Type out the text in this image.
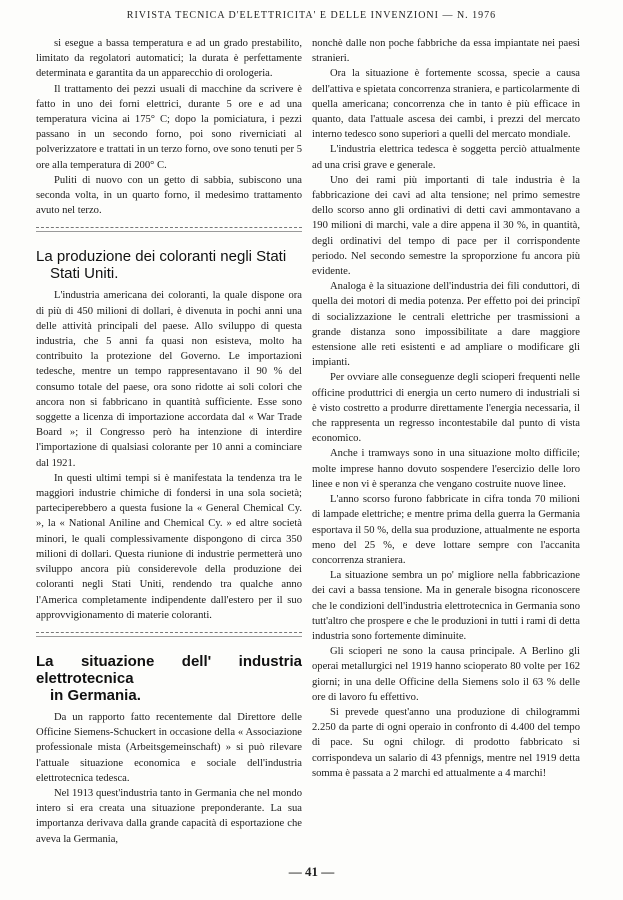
RIVISTA TECNICA D'ELETTRICITA' E DELLE INVENZIONI — N. 1976

si esegue a bassa temperatura e ad un grado prestabilito, limitato da regolatori automatici; la durata è perfettamente determinata e garantita da un apparecchio di orologeria.

Il trattamento dei pezzi usuali di macchine da scrivere è fatto in uno dei forni elettrici, durante 5 ore e ad una temperatura vicina ai 175° C; dopo la pomiciatura, i pezzi passano in un secondo forno, poi sono riverniciati al polverizzatore e trattati in un terzo forno, ove sono tenuti per 5 ore alla temperatura di 200° C.

Puliti di nuovo con un getto di sabbia, subiscono una seconda volta, in un quarto forno, il medesimo trattamento avuto nel terzo.

La produzione dei coloranti negli Stati
Stati Uniti.

L'industria americana dei coloranti, la quale dispone ora di più di 450 milioni di dollari, è divenuta in pochi anni una delle attività principali del paese. Allo sviluppo di questa industria, che 5 anni fa quasi non esisteva, molto ha contribuito la protezione del Governo. Le importazioni tedesche, mentre un tempo rappresentavano il 90 % del consumo totale del paese, ora sono ridotte ai soli colori che ancora non si fabbricano in quantità sufficiente. Esse sono soggette a licenza di importazione accordata dal « War Trade Board »; il Congresso però ha intenzione di interdire l'importazione di qualsiasi colorante per 10 anni a cominciare dal 1921.

In questi ultimi tempi si è manifestata la tendenza tra le maggiori industrie chimiche di fondersi in una sola società; parteciperebbero a questa fusione la « General Chemical Cy. », la « National Aniline and Chemical Cy. » ed altre società minori, le quali complessivamente dispongono di circa 350 milioni di dollari. Questa riunione di industrie permetterà uno sviluppo ancora più considerevole della produzione dei coloranti negli Stati Uniti, rendendo tra qualche anno l'America completamente indipendente dall'estero per il suo approvvigionamento di materie coloranti.

La situazione dell' industria elettrotecnica
in Germania.

Da un rapporto fatto recentemente dal Direttore delle Officine Siemens-Schuckert in occasione della « Associazione professionale mista (Arbeitsgemeinschaft) » si può rilevare l'attuale situazione economica e sociale dell'industria elettrotecnica tedesca.

Nel 1913 quest'industria tanto in Germania che nel mondo intero si era creata una situazione preponderante. La sua importanza derivava dalla grande capacità di esportazione che aveva la Germania,

nonchè dalle non poche fabbriche da essa impiantate nei paesi stranieri.

Ora la situazione è fortemente scossa, specie a causa dell'attiva e spietata concorrenza straniera, e particolarmente di quella americana; concorrenza che in tanto è più efficace in quanto, data l'attuale ascesa dei cambi, i prezzi del mercato interno tedesco sono superiori a quelli del mercato mondiale.

L'industria elettrica tedesca è soggetta perciò attualmente ad una crisi grave e generale.

Uno dei rami più importanti di tale industria è la fabbricazione dei cavi ad alta tensione; nel primo semestre dello scorso anno gli ordinativi di detti cavi ammontavano a 190 milioni di marchi, vale a dire appena il 30 %, in quantità, degli ordinativi del tempo di pace per il corrispondente periodo. Nel secondo semestre la sproporzione fu ancora più evidente.

Analoga è la situazione dell'industria dei fili conduttori, di quella dei motori di media potenza. Per effetto poi dei principî di socializzazione le centrali elettriche per trasmissioni a grande distanza sono impossibilitate a dare maggiore estensione alle reti esistenti e ad ampliare o modificare gli impianti.

Per ovviare alle conseguenze degli scioperi frequenti nelle officine produttrici di energia un certo numero di industriali si è visto costretto a produrre direttamente l'energia necessaria, il che rappresenta un regresso incontestabile dal punto di vista economico.

Anche i tramways sono in una situazione molto difficile; molte imprese hanno dovuto sospendere l'esercizio delle loro linee e non vi è speranza che vengano costruite nuove linee.

L'anno scorso furono fabbricate in cifra tonda 70 milioni di lampade elettriche; e mentre prima della guerra la Germania esportava il 50 %, della sua produzione, attualmente ne esporta meno del 25 %, e deve lottare sempre con l'accanita concorrenza straniera.

La situazione sembra un po' migliore nella fabbricazione dei cavi a bassa tensione. Ma in generale bisogna riconoscere che le condizioni dell'industria elettrotecnica in Germania sono tutt'altro che prospere e che le produzioni in tutti i rami di detta industria sono fortemente diminuite.

Gli scioperi ne sono la causa principale. A Berlino gli operai metallurgici nel 1919 hanno scioperato 80 volte per 162 giorni; in una delle Officine della Siemens solo il 63 % delle ore di lavoro fu effettivo.

Si prevede quest'anno una produzione di chilogrammi 2.250 da parte di ogni operaio in confronto di 4.400 del tempo di pace. Su ogni chilogr. di prodotto fabbricato si corrispondeva un salario di 43 pfennigs, mentre nel 1919 detta somma è passata a 2 marchi ed attualmente a 4 marchi!

— 41 —
